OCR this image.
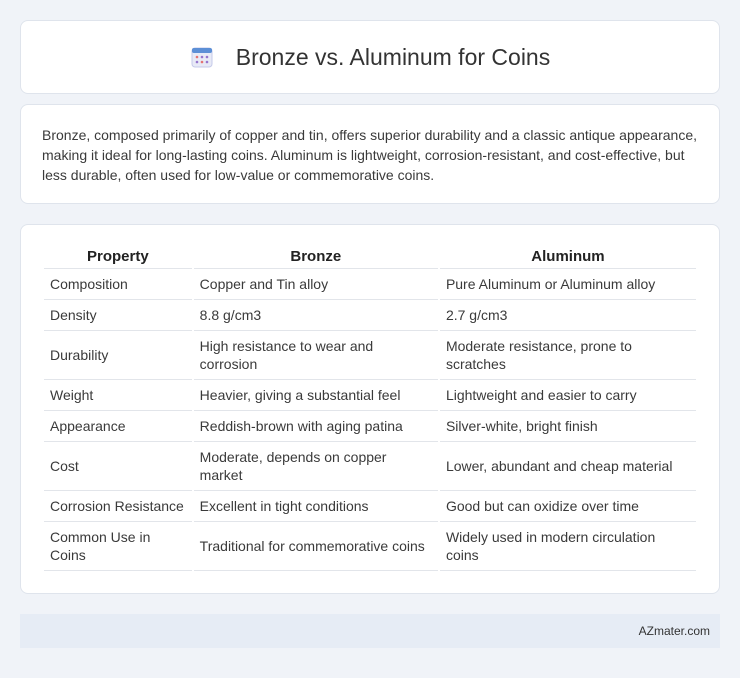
Bronze vs. Aluminum for Coins

Bronze, composed primarily of copper and tin, offers superior durability and a classic antique appearance, making it ideal for long-lasting coins. Aluminum is lightweight, corrosion-resistant, and cost-effective, but less durable, often used for low-value or commemorative coins.

Property	Bronze	Aluminum
Composition	Copper and Tin alloy	Pure Aluminum or Aluminum alloy
Density	8.8 g/cm3	2.7 g/cm3
Durability	High resistance to wear and corrosion	Moderate resistance, prone to scratches
Weight	Heavier, giving a substantial feel	Lightweight and easier to carry
Appearance	Reddish-brown with aging patina	Silver-white, bright finish
Cost	Moderate, depends on copper market	Lower, abundant and cheap material
Corrosion Resistance	Excellent in tight conditions	Good but can oxidize over time
Common Use in Coins	Traditional for commemorative coins	Widely used in modern circulation coins
AZmater.com
